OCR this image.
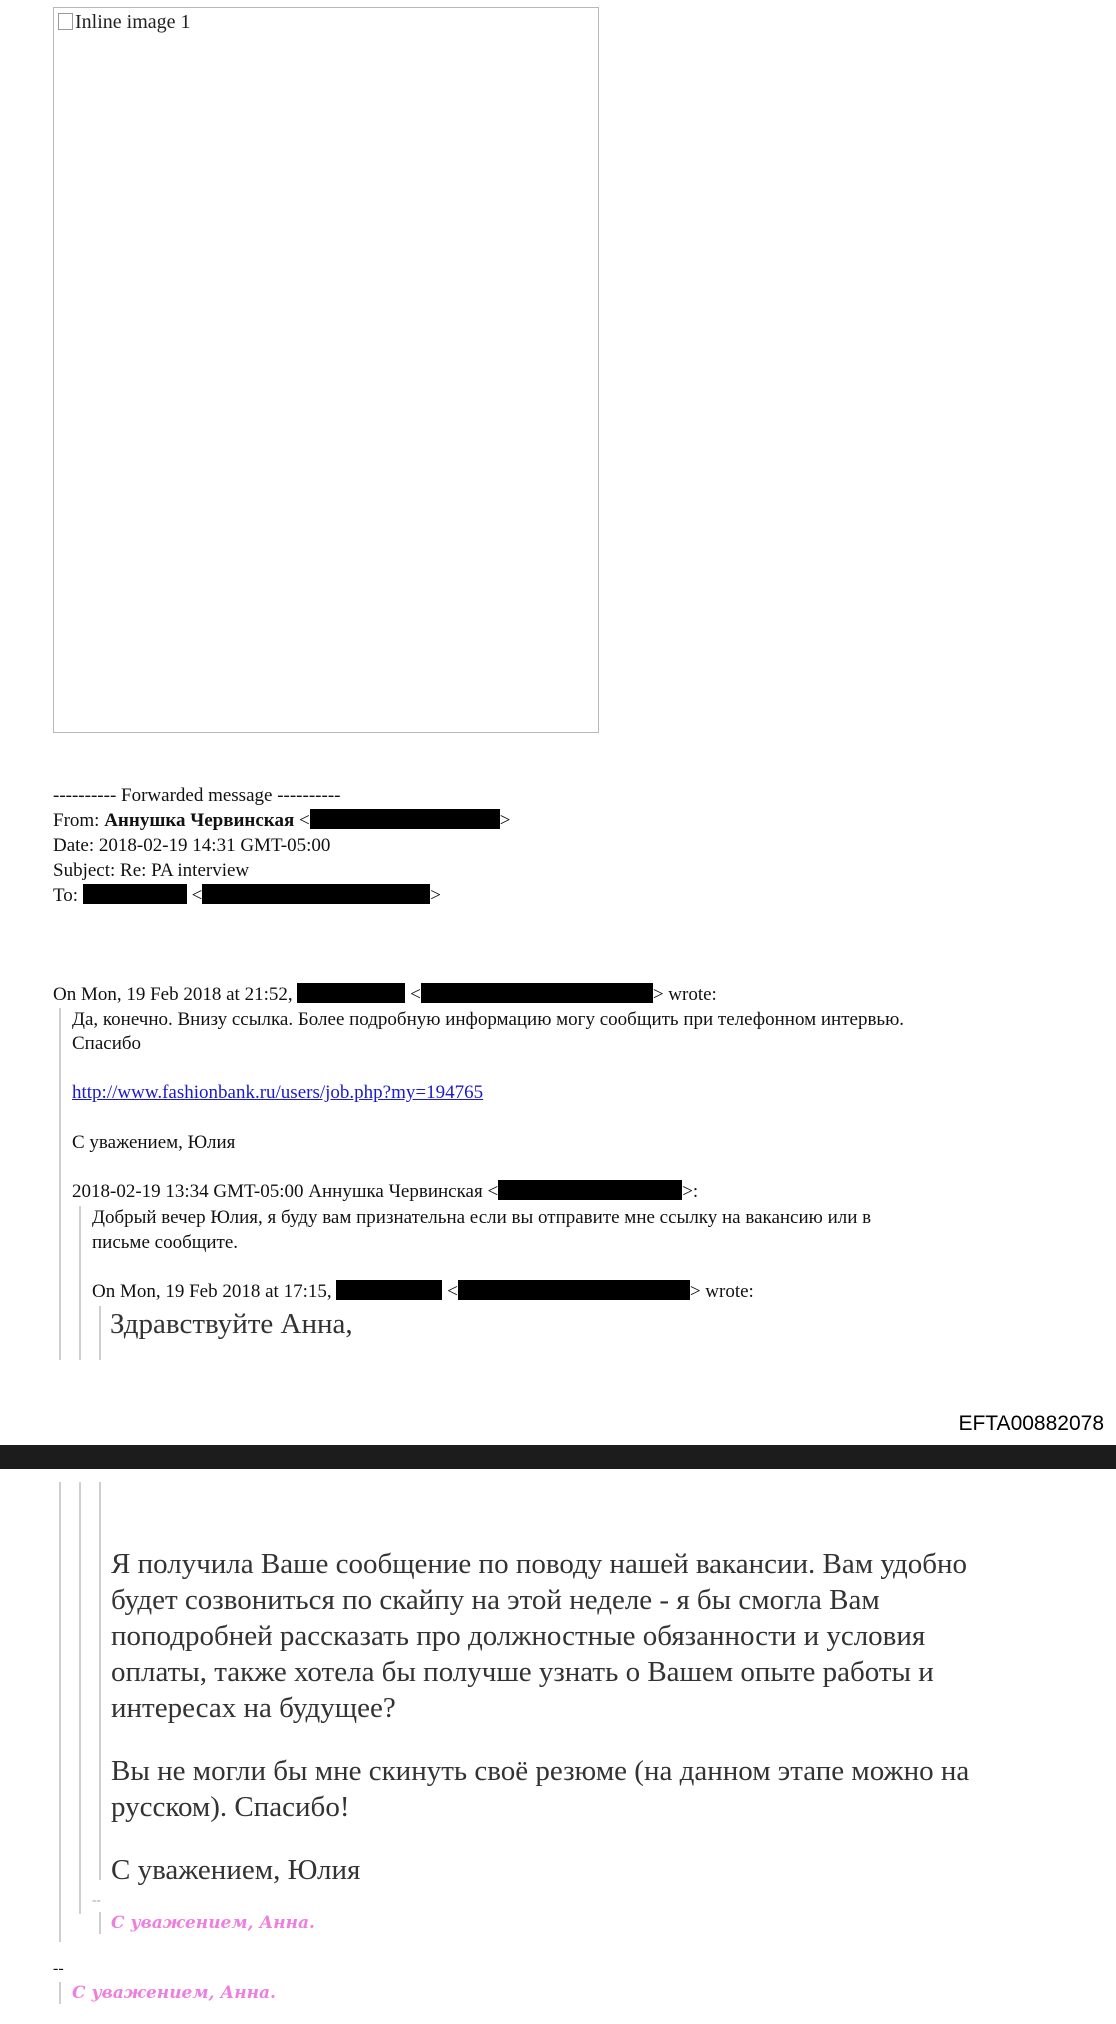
Inline image 1
---------- Forwarded message ----------
From: Аннушка Червинская <	>
Date: 2018-02-19 14:31 GMT-05:00
Subject: Re: PA interview
To:	<	>
On Mon, 19 Feb 2018 at 21:52,	<	> wrote:
Да, конечно. Внизу ссылка. Более подробную информацию могу сообщить при телефонном интервью.
Спасибо
http://www.fashionbank.ru/users/job.php?my=194765
С уважением, Юлия
2018-02-19 13:34 GMT-05:00 Аннушка Червинская <	>:
Добрый вечер Юлия, я буду вам признательна если вы отправите мне ссылку на вакансию или в
письме сообщите.
On Mon, 19 Feb 2018 at 17:15,	<	> wrote:
Здравствуйте Анна,
EFTA00882078
Я получила Ваше сообщение по поводу нашей вакансии. Вам удобно
будет созвониться по скайпу на этой неделе - я бы смогла Вам
поподробней рассказать про должностные обязанности и условия
оплаты, также хотела бы получше узнать о Вашем опыте работы и
интересах на будущее?
Вы не могли бы мне скинуть своё резюме (на данном этапе можно на
русском). Спасибо!
С уважением, Юлия
--
С уважением, Анна.
--
С уважением, Анна.
